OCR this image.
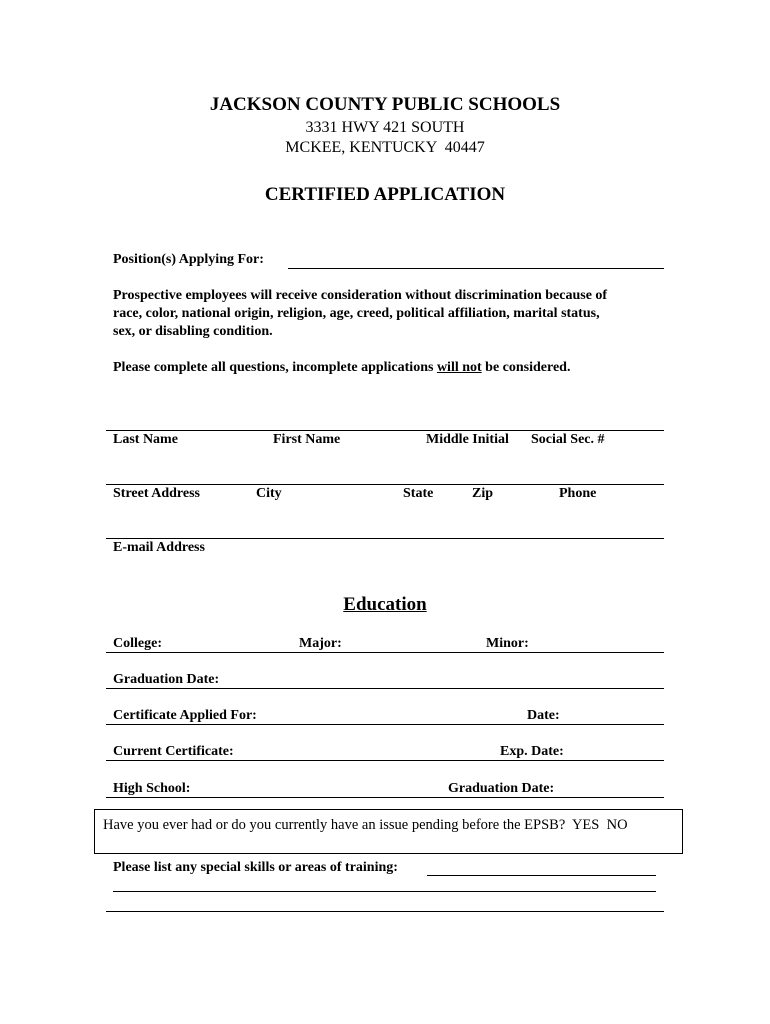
JACKSON COUNTY PUBLIC SCHOOLS
3331 HWY 421 SOUTH
MCKEE, KENTUCKY  40447
CERTIFIED APPLICATION
Position(s) Applying For:
Prospective employees will receive consideration without discrimination because of
race, color, national origin, religion, age, creed, political affiliation, marital status,
sex, or disabling condition.
Please complete all questions, incomplete applications will not be considered.
Last Name	First Name	Middle Initial Social Sec. #
Street Address	City	State	Zip	Phone
E-mail Address
Education
College:	Major:	Minor:
Graduation Date:
Certificate Applied For:	Date:
Current Certificate:	Exp. Date:
High School:	Graduation Date:
Have you ever had or do you currently have an issue pending before the EPSB?  YES  NO
Please list any special skills or areas of training:
